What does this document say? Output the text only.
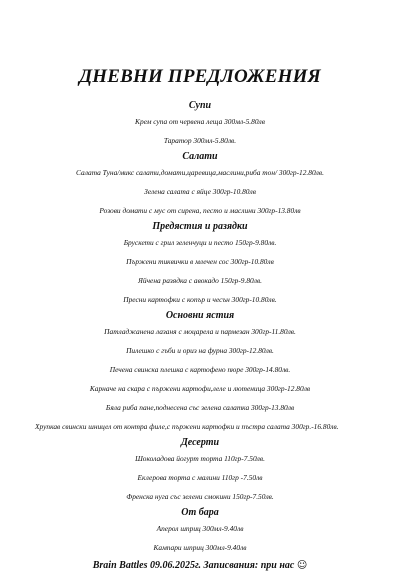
ДНЕВНИ ПРЕДЛОЖЕНИЯ
Супи
Крем супа от червена леща 300мл-5.80лв
Таратор 300мл-5.80лв.
Салати
Салата Туна/микс салати,домати,царевица,маслини,риба тон/ 300гр-12.80лв.
Зелена салата с яйце 300гр-10.80лв
Розови домати с мус от сирена, песто и маслини 300гр-13.80лв
Предястия и разядки
Брускети с грил зеленчуци и песто 150гр-9.80лв.
Пържени тиквички в млечен сос 300гр-10.80лв
Яйчена разядка с авокадо 150гр-9.80лв.
Пресни картофки с копър и чесън 300гр-10.80лв.
Основни ястия
Патладжанена лазаня с моцарела и пармезан 300гр-11.80лв.
Пилешко с гъби и ориз на фурна 300гр-12.80лв.
Печена свинска плешка с картофено пюре 300гр-14.80лв.
Карначе на скара с пържени картофи,леле и лютеница 300гр-12.80лв
Бяла риба пане,поднесена със зелена салатка 300гр-13.80лв
Хрупкав свински шницел от контра филе,с пържени картофки и пъстра салата 300гр.-16.80лв.
Десерти
Шоколадова йогурт торта 110гр-7.50лв.
Еклерова торта с малини 110гр -7.50лв
Френска нуга със зелени смокини 150гр-7.50лв.
От бара
Аперол шприц 300мл-9.40лв
Кампари шприц 300мл-9.40лв
Brain Battles 09.06.2025г. Записвания: при нас ☺
